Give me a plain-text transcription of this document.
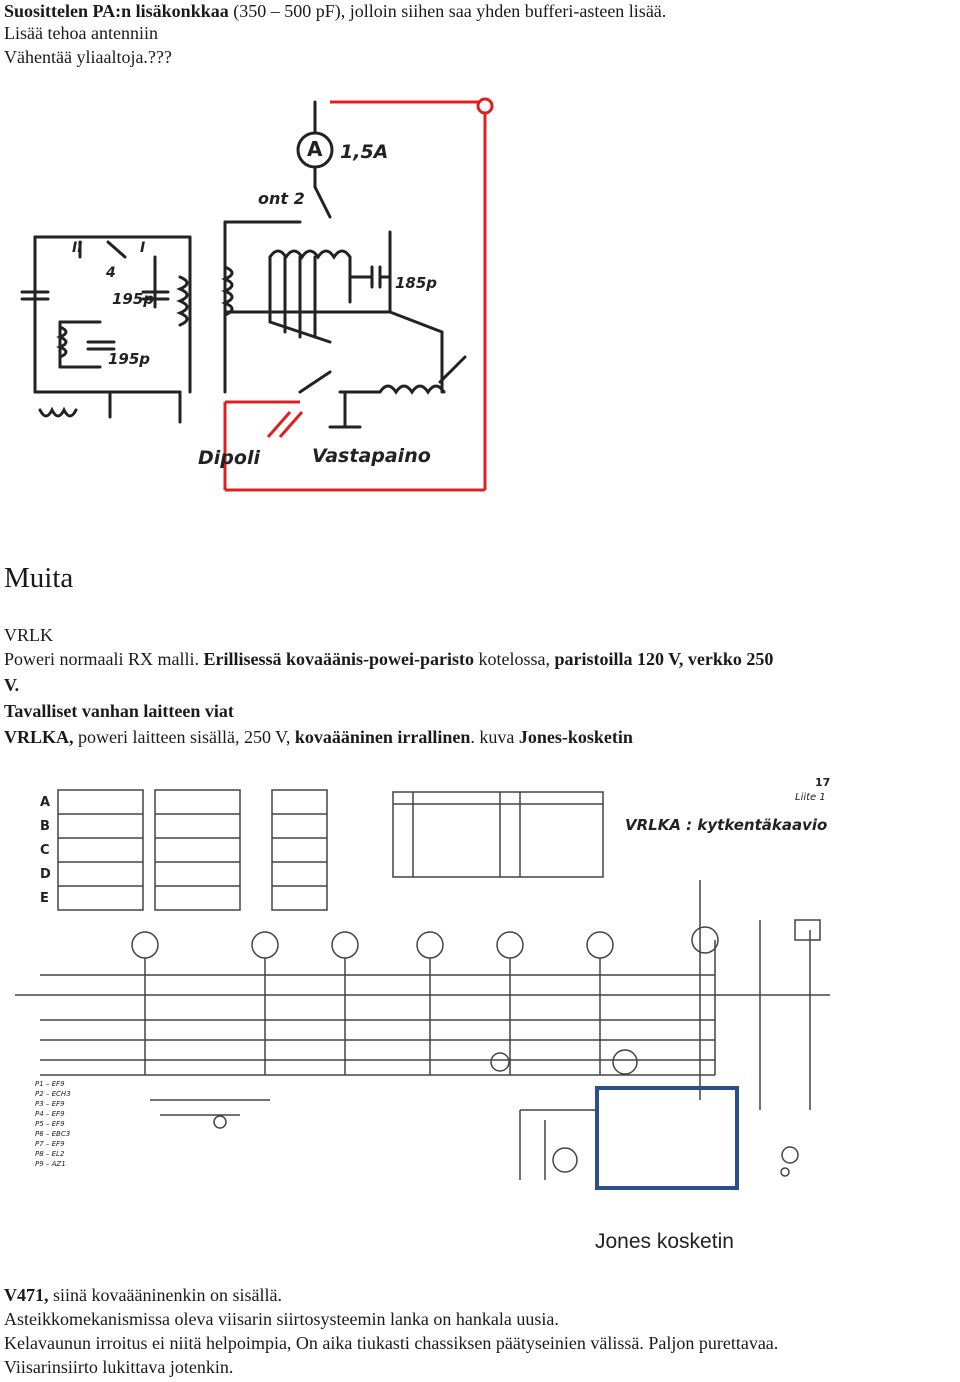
Suosittelen PA:n lisäkonkkaa (350 – 500 pF), jolloin siihen saa yhden bufferi-asteen lisää.
Lisää tehoa antenniin
Vähentää yliaaltoja.???
A 1,5A
ont 2
II	I
4
195p
195p
185p
Dipoli	Vastapaino
Muita
VRLK
Poweri normaali RX malli. Erillisessä kovaäänis-powei-paristo kotelossa, paristoilla 120 V, verkko 250
V.
Tavalliset vanhan laitteen viat
VRLKA, poweri laitteen sisällä, 250 V, kovaääninen irrallinen. kuva Jones-kosketin
VRLKA : kytkentäkaavio
17
Liite 1
A
B
C
D
E
P1 – EF9
P2 – ECH3
P3 – EF9
P4 – EF9
P5 – EF9
P6 – EBC3
P7 – EF9
P8 – EL2
P9 – AZ1
Jones kosketin
V471, siinä kovaääninenkin on sisällä.
Asteikkomekanismissa oleva viisarin siirtosysteemin lanka on hankala uusia.
Kelavaunun irroitus ei niitä helpoimpia, On aika tiukasti chassiksen päätyseinien välissä. Paljon purettavaa.
Viisarinsiirto lukittava jotenkin.
